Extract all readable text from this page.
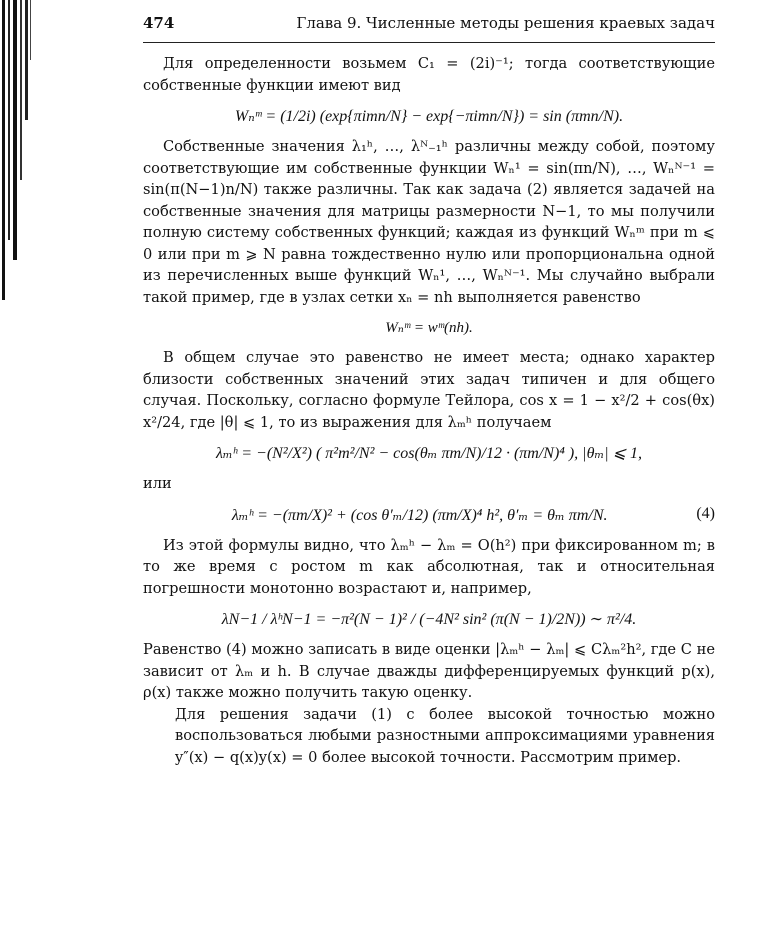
474	Глава 9. Численные методы решения краевых задач

Для определенности возьмем C₁ = (2i)⁻¹; тогда соответствующие собственные функции имеют вид

Wₙᵐ = (1/2i) (exp{πimn/N} − exp{−πimn/N}) = sin (πmn/N).

Собственные значения λ₁ʰ, …, λᴺ₋₁ʰ различны между собой, поэтому соответствующие им собственные функции Wₙ¹ = sin(πn/N), …, Wₙᴺ⁻¹ = sin(π(N−1)n/N) также различны. Так как задача (2) является задачей на собственные значения для матрицы размерности N−1, то мы получили полную систему собственных функций; каждая из функций Wₙᵐ при m ⩽ 0 или при m ⩾ N равна тождественно нулю или пропорциональна одной из перечисленных выше функций Wₙ¹, …, Wₙᴺ⁻¹. Мы случайно выбрали такой пример, где в узлах сетки xₙ = nh выполняется равенство

Wₙᵐ = wᵐ(nh).

В общем случае это равенство не имеет места; однако характер близости собственных значений этих задач типичен и для общего случая. Поскольку, согласно формуле Тейлора, cos x = 1 − x²/2 + cos(θx) x²/24, где |θ| ⩽ 1, то из выражения для λₘʰ получаем

λₘʰ = −(N²/X²) ( π²m²/N² − cos(θₘ πm/N)/12 · (πm/N)⁴ ), |θₘ| ⩽ 1,

или

(4)
λₘʰ = −(πm/X)² + (cos θ′ₘ/12) (πm/X)⁴ h², θ′ₘ = θₘ πm/N.

Из этой формулы видно, что λₘʰ − λₘ = O(h²) при фиксированном m; в то же время с ростом m как абсолютная, так и относительная погрешности монотонно возрастают и, например,

λN−1 / λʰN−1 = −π²(N − 1)² / (−4N² sin² (π(N − 1)/2N)) ∼ π²/4.

Равенство (4) можно записать в виде оценки |λₘʰ − λₘ| ⩽ Cλₘ²h², где C не зависит от λₘ и h. В случае дважды дифференцируемых функций p(x), ρ(x) также можно получить такую оценку.

Для решения задачи (1) с более высокой точностью можно воспользоваться любыми разностными аппроксимациями уравнения y″(x) − q(x)y(x) = 0 более высокой точности. Рассмотрим пример.
